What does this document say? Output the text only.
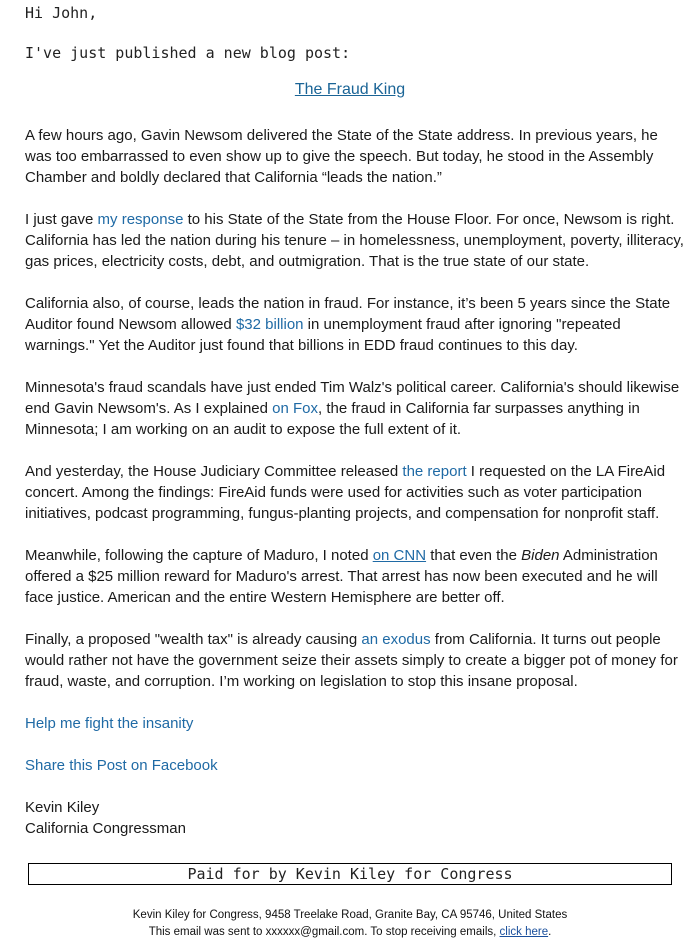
Hi John,
I've just published a new blog post:
The Fraud King

A few hours ago, Gavin Newsom delivered the State of the State address. In previous years, he was too embarrassed to even show up to give the speech. But today, he stood in the Assembly Chamber and boldly declared that California “leads the nation.”

I just gave my response to his State of the State from the House Floor. For once, Newsom is right. California has led the nation during his tenure – in homelessness, unemployment, poverty, illiteracy, gas prices, electricity costs, debt, and outmigration. That is the true state of our state.

California also, of course, leads the nation in fraud. For instance, it’s been 5 years since the State Auditor found Newsom allowed $32 billion in unemployment fraud after ignoring "repeated warnings." Yet the Auditor just found that billions in EDD fraud continues to this day.

Minnesota's fraud scandals have just ended Tim Walz's political career. California's should likewise end Gavin Newsom's. As I explained on Fox, the fraud in California far surpasses anything in Minnesota; I am working on an audit to expose the full extent of it.

And yesterday, the House Judiciary Committee released the report I requested on the LA FireAid concert. Among the findings: FireAid funds were used for activities such as voter participation initiatives, podcast programming, fungus-planting projects, and compensation for nonprofit staff.

Meanwhile, following the capture of Maduro, I noted on CNN that even the Biden Administration offered a $25 million reward for Maduro's arrest. That arrest has now been executed and he will face justice. American and the entire Western Hemisphere are better off.

Finally, a proposed "wealth tax" is already causing an exodus from California. It turns out people would rather not have the government seize their assets simply to create a bigger pot of money for fraud, waste, and corruption. I’m working on legislation to stop this insane proposal.

Help me fight the insanity

Share this Post on Facebook

Kevin Kiley
California Congressman
Paid for by Kevin Kiley for Congress
Kevin Kiley for Congress, 9458 Treelake Road, Granite Bay, CA 95746, United States
This email was sent to xxxxxx@gmail.com. To stop receiving emails, click here.
